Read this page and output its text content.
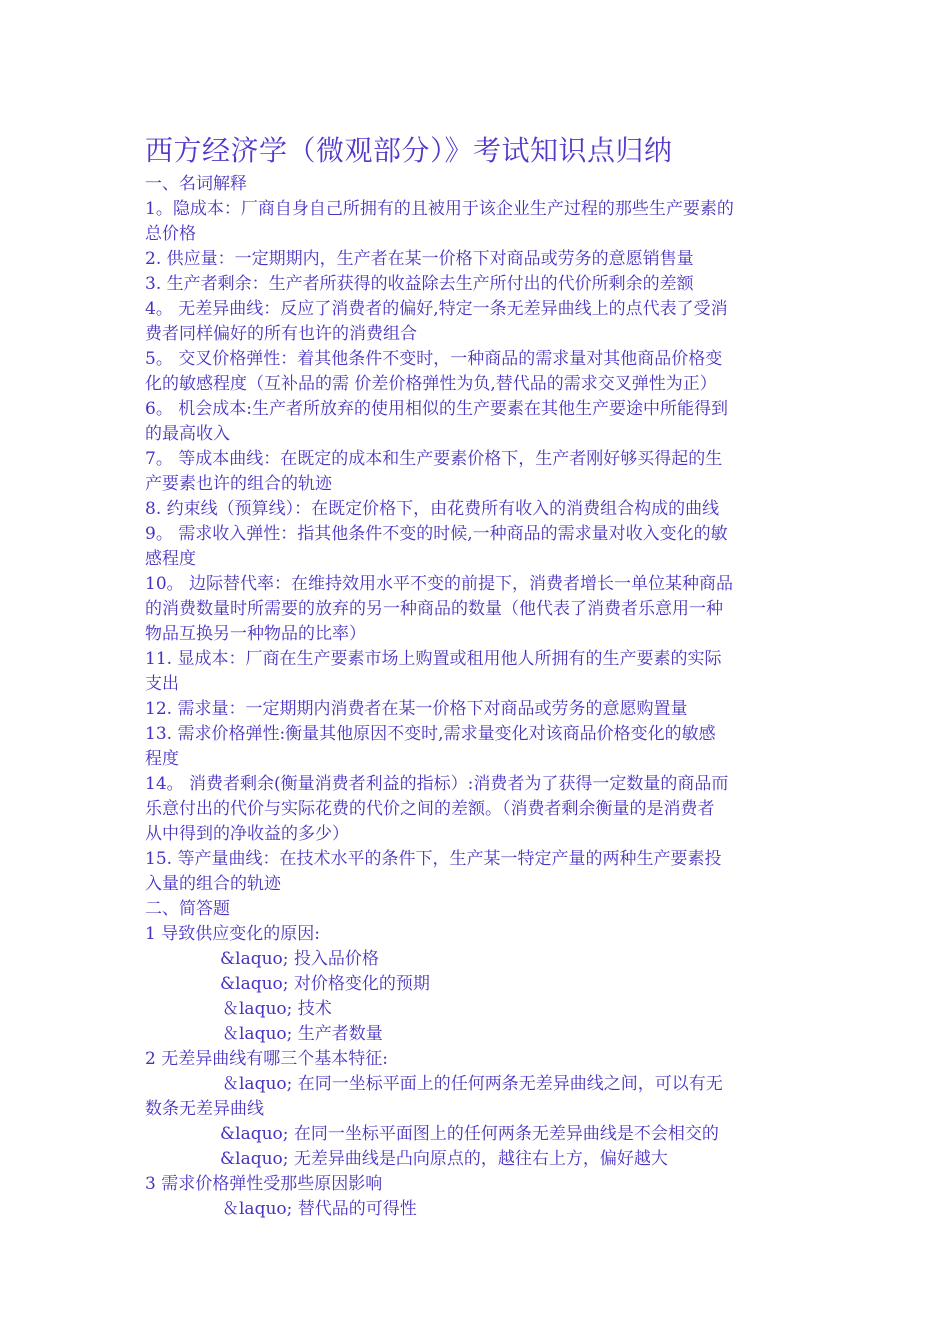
西方经济学（微观部分）》考试知识点归纳
一、名词解释
1。隐成本：厂商自身自己所拥有的且被用于该企业生产过程的那些生产要素的
总价格
2. 供应量：一定期期内，生产者在某一价格下对商品或劳务的意愿销售量
3. 生产者剩余：生产者所获得的收益除去生产所付出的代价所剩余的差额
4。 无差异曲线：反应了消费者的偏好,特定一条无差异曲线上的点代表了受消
费者同样偏好的所有也许的消费组合
5。 交叉价格弹性：着其他条件不变时，一种商品的需求量对其他商品价格变
化的敏感程度（互补品的需 价差价格弹性为负,替代品的需求交叉弹性为正）
6。 机会成本:生产者所放弃的使用相似的生产要素在其他生产要途中所能得到
的最高收入
7。 等成本曲线：在既定的成本和生产要素价格下，生产者刚好够买得起的生
产要素也许的组合的轨迹
8. 约束线（预算线）：在既定价格下，由花费所有收入的消费组合构成的曲线
9。 需求收入弹性：指其他条件不变的时候,一种商品的需求量对收入变化的敏
感程度
10。 边际替代率：在维持效用水平不变的前提下，消费者增长一单位某种商品
的消费数量时所需要的放弃的另一种商品的数量（他代表了消费者乐意用一种
物品互换另一种物品的比率）
11. 显成本：厂商在生产要素市场上购置或租用他人所拥有的生产要素的实际
支出
12. 需求量：一定期期内消费者在某一价格下对商品或劳务的意愿购置量
13. 需求价格弹性:衡量其他原因不变时,需求量变化对该商品价格变化的敏感
程度
14。 消费者剩余(衡量消费者利益的指标）:消费者为了获得一定数量的商品而
乐意付出的代价与实际花费的代价之间的差额。（消费者剩余衡量的是消费者
从中得到的净收益的多少）
15. 等产量曲线：在技术水平的条件下，生产某一特定产量的两种生产要素投
入量的组合的轨迹
二、简答题
1 导致供应变化的原因:
&laquo; 投入品价格
&laquo; 对价格变化的预期
＆laquo; 技术
＆laquo; 生产者数量
2 无差异曲线有哪三个基本特征:
＆laquo; 在同一坐标平面上的任何两条无差异曲线之间，可以有无
数条无差异曲线
&laquo; 在同一坐标平面图上的任何两条无差异曲线是不会相交的
&laquo; 无差异曲线是凸向原点的，越往右上方，偏好越大
3 需求价格弹性受那些原因影响
＆laquo; 替代品的可得性
